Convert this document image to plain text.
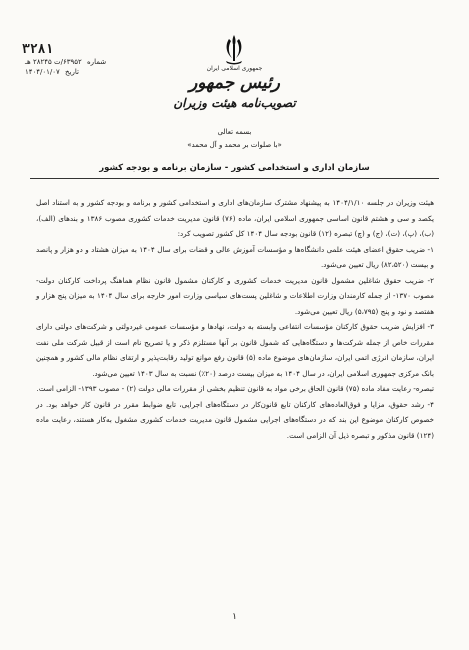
۳۲۸۱
شماره ۶۳۹۵۲/ت ۲۸۲۴۵ هـ
تاریخ ۱۴۰۴/۰۱/۰۷	جمهوری اسلامی ایران
رئیس جمهور
تصویب‌نامه هیئت وزیران
بسمه تعالی
«با صلوات بر محمد و آل محمد»
سازمان اداری و استخدامی کشور - سازمان برنامه و بودجه کشور

هیئت وزیران در جلسه ۱۴۰۴/۱/۱۰ به پیشنهاد مشترک سازمان‌های اداری و استخدامی کشور و برنامه و بودجه کشور و به استناد اصل یکصد و سی و هشتم قانون اساسی جمهوری اسلامی ایران، ماده (۷۶) قانون مدیریت خدمات کشوری مصوب ۱۳۸۶ و بندهای (الف)، (ب)، (پ)، (ت)، (ج) و (چ) تبصره (۱۲) قانون بودجه سال ۱۴۰۴ کل کشور تصویب کرد:

۱- ضریب حقوق اعضای هیئت علمی دانشگاه‌ها و مؤسسات آموزش عالی و قضات برای سال ۱۴۰۴ به میزان هشتاد و دو هزار و پانصد و بیست (۸۲،۵۲۰) ریال تعیین می‌شود.

۲- ضریب حقوق شاغلین مشمول قانون مدیریت خدمات کشوری و کارکنان مشمول قانون نظام هماهنگ پرداخت کارکنان دولت- مصوب ۱۳۷۰- از جمله کارمندان وزارت اطلاعات و شاغلین پست‌های سیاسی وزارت امور خارجه برای سال ۱۴۰۴ به میزان پنج هزار و هفتصد و نود و پنج (۵،۷۹۵) ریال تعیین می‌شود.

۳- افزایش ضریب حقوق کارکنان مؤسسات انتفاعی وابسته به دولت، نهادها و مؤسسات عمومی غیردولتی و شرکت‌های دولتی دارای مقررات خاص از جمله شرکت‌ها و دستگاه‌هایی که شمول قانون بر آنها مستلزم ذکر و یا تصریح نام است از قبیل شرکت ملی نفت ایران، سازمان انرژی اتمی ایران، سازمان‌های موضوع ماده (۵) قانون رفع موانع تولید رقابت‌پذیر و ارتقای نظام مالی کشور و همچنین بانک مرکزی جمهوری اسلامی ایران، در سال ۱۴۰۴ به میزان بیست درصد (۲۰٪) نسبت به سال ۱۴۰۳ تعیین می‌شود.

تبصره- رعایت مفاد ماده (۷۵) قانون الحاق برخی مواد به قانون تنظیم بخشی از مقررات مالی دولت (۲) - مصوب ۱۳۹۳- الزامی است.

۴- رشد حقوق، مزایا و فوق‌العاده‌های کارکنان تابع قانون‌کار در دستگاه‌های اجرایی، تابع ضوابط مقرر در قانون کار خواهد بود. در خصوص کارکنان موضوع این بند که در دستگاه‌های اجرایی مشمول قانون مدیریت خدمات کشوری مشغول به‌کار هستند، رعایت ماده (۱۲۴) قانون مذکور و تبصره ذیل آن الزامی است.

۱
